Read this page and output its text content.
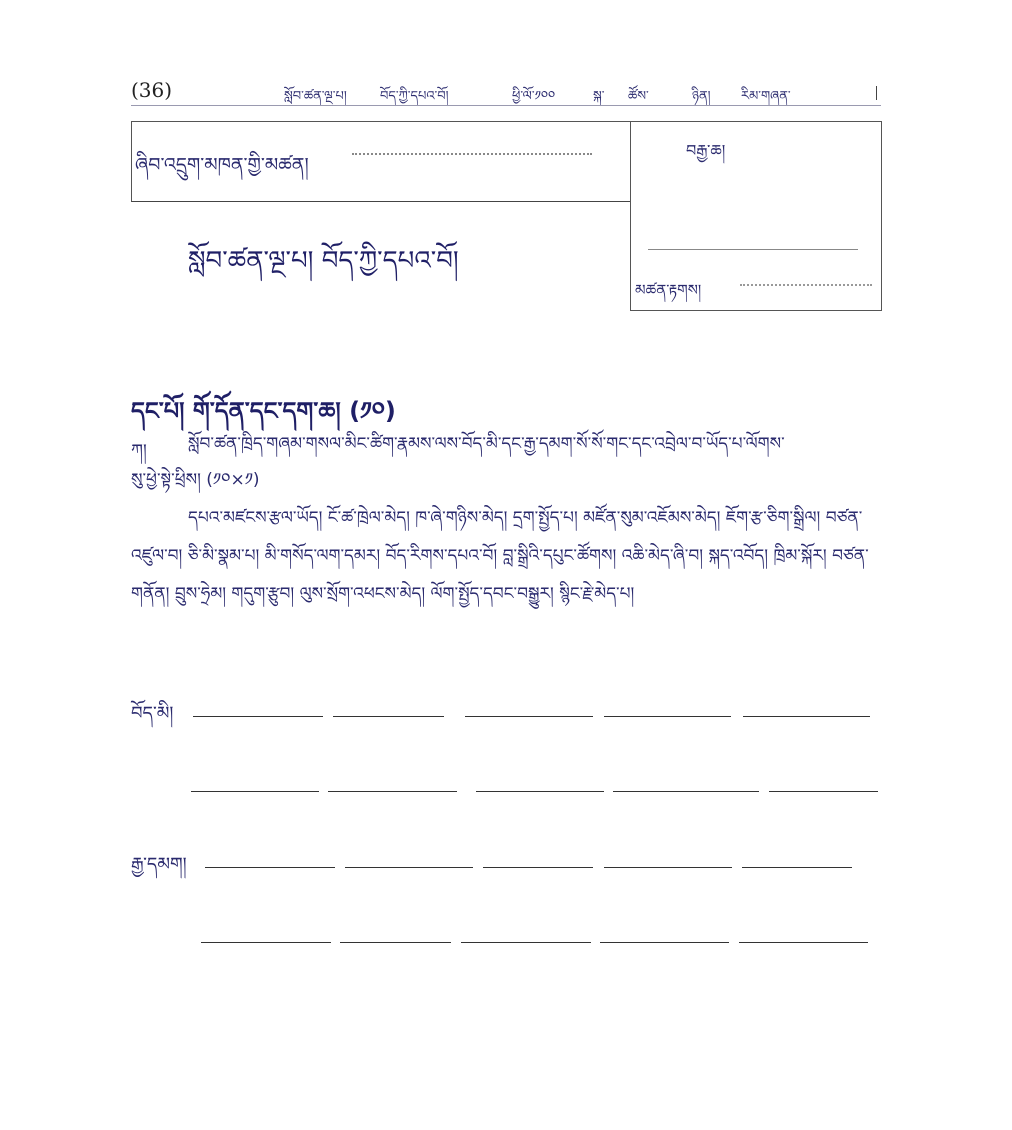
(36)	སློབ་ཚན་ལྔ་པ།	བོད་ཀྱི་དཔའ་བོ།	ཕྱི་ལོ་༡༠༠	སྐ་ ཚོས་	ཉིན། རིམ་གཞན་
ཞིབ་འདྲུག་མཁན་གྱི་མཚན།
བརྒྱ་ཆ།
མཚན་རྟགས།
སློབ་ཚན་ལྔ་པ། བོད་ཀྱི་དཔའ་བོ།
དང་པོ། གོ་དོན་དང་དག་ཆ། (༡༠)
ཀ། སློབ་ཚན་ཁྲིད་གཞམ་གསལ་མིང་ཚིག་རྣམས་ལས་བོད་མི་དང་རྒྱ་དམག་སོ་སོ་གང་དང་འབྲེལ་བ་ཡོད་པ་ལོགས་
སུ་ཕྱེ་སྟེ་ཕྲིས། (༡༠×༡)
དཔའ་མཛངས་རྩལ་ཡོད། ངོ་ཚ་ཁྲེལ་མེད། ཁ་ཞེ་གཉིས་མེད། དྲག་སྤྱོད་པ། མཛོན་སུམ་འཇོམས་མེད། ཇོག་རྩ་ཅིག་སྒྲིལ། བཙན་འཛུལ་བ། ཅི་མི་སྣམ་པ། མི་གསོད་ལག་དམར། བོད་རིགས་དཔའ་བོ། བླ་སྒྲིའི་དཔུང་ཚོགས། འཆི་མེད་ཞི་བ། སྐད་འབོད། ཁྲིམ་སྐོར། བཙན་གནོན། བྲུས་ཧྲེམ། གདུག་རྩུབ། ལུས་སྲོག་འཕངས་མེད། ལོག་སྤྱོད་དབང་བསྒྱུར། སྙིང་རྗེ་མེད་པ།
བོད་མི།
རྒྱ་དམག།
